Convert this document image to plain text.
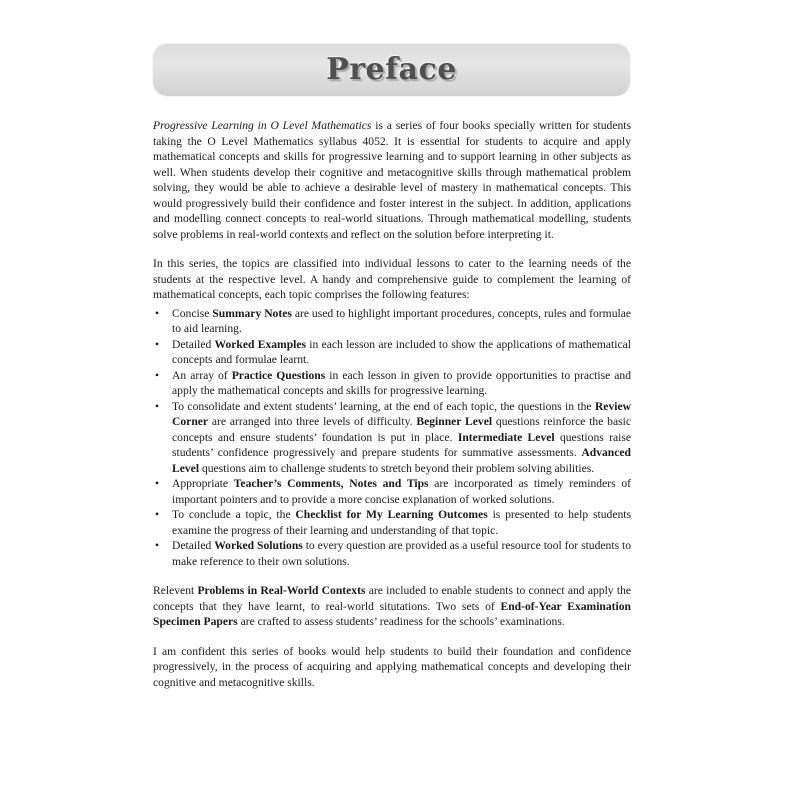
Preface

Progressive Learning in O Level Mathematics is a series of four books specially written for students taking the O Level Mathematics syllabus 4052. It is essential for students to acquire and apply mathematical concepts and skills for progressive learning and to support learning in other subjects as well. When students develop their cognitive and metacognitive skills through mathematical problem solving, they would be able to achieve a desirable level of mastery in mathematical concepts. This would progressively build their confidence and foster interest in the subject. In addition, applications and modelling connect concepts to real-world situations. Through mathematical modelling, students solve problems in real-world contexts and reflect on the solution before interpreting it.

In this series, the topics are classified into individual lessons to cater to the learning needs of the students at the respective level. A handy and comprehensive guide to complement the learning of mathematical concepts, each topic comprises the following features:

• Concise Summary Notes are used to highlight important procedures, concepts, rules and formulae to aid learning.
• Detailed Worked Examples in each lesson are included to show the applications of mathematical concepts and formulae learnt.
• An array of Practice Questions in each lesson in given to provide opportunities to practise and apply the mathematical concepts and skills for progressive learning.
• To consolidate and extent students’ learning, at the end of each topic, the questions in the Review Corner are arranged into three levels of difficulty. Beginner Level questions reinforce the basic concepts and ensure students’ foundation is put in place. Intermediate Level questions raise students’ confidence progressively and prepare students for summative assessments. Advanced Level questions aim to challenge students to stretch beyond their problem solving abilities.
• Appropriate Teacher’s Comments, Notes and Tips are incorporated as timely reminders of important pointers and to provide a more concise explanation of worked solutions.
• To conclude a topic, the Checklist for My Learning Outcomes is presented to help students examine the progress of their learning and understanding of that topic.
• Detailed Worked Solutions to every question are provided as a useful resource tool for students to make reference to their own solutions.

Relevent Problems in Real-World Contexts are included to enable students to connect and apply the concepts that they have learnt, to real-world situtations. Two sets of End-of-Year Examination Specimen Papers are crafted to assess students’ readiness for the schools’ examinations.

I am confident this series of books would help students to build their foundation and confidence progressively, in the process of acquiring and applying mathematical concepts and developing their cognitive and metacognitive skills.
